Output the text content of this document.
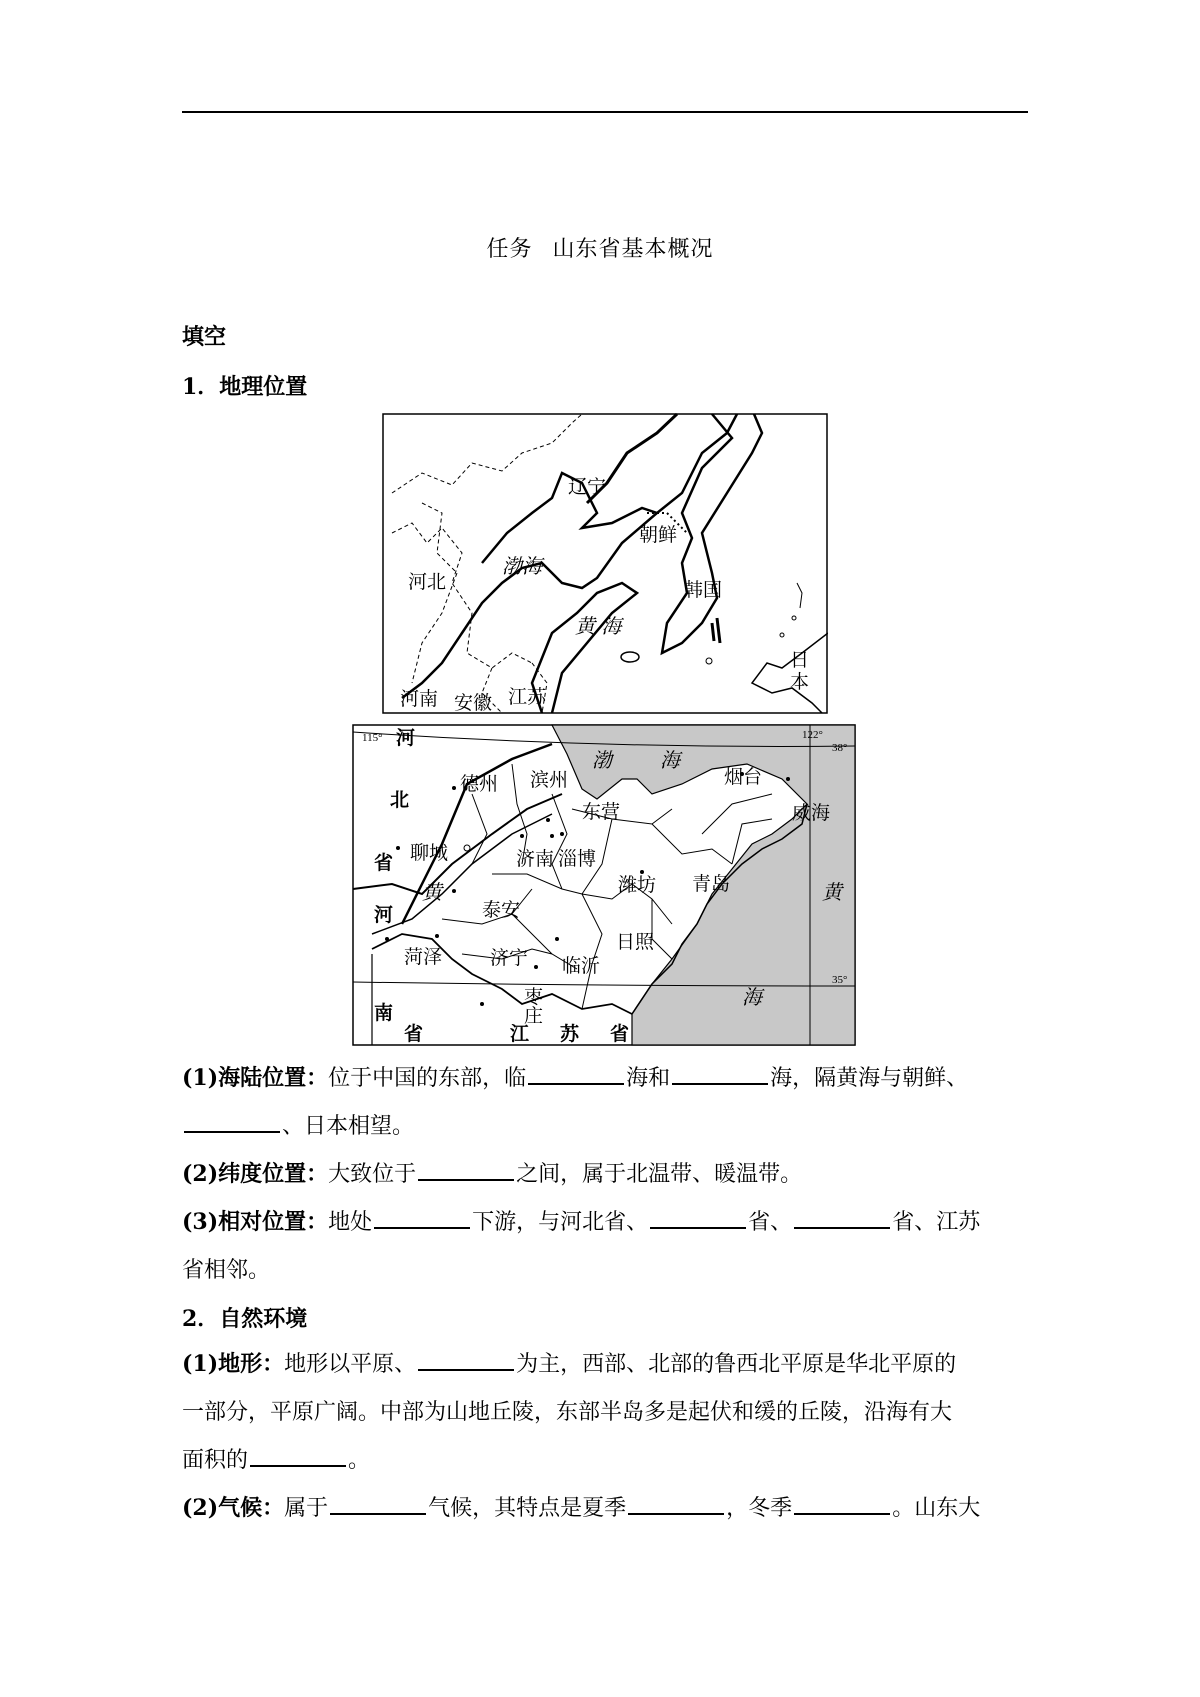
任务 山东省基本概况
填空
1．地理位置
辽宁
渤海
河北
朝鲜
韩国
黄 海
日
本
河南 安徽 江苏
115°	122°
38°
35°
河
北
省
河
渤 海
德州 滨州
东营
烟台
威海
聊城	济南 淄博
潍坊 青岛
黄
泰安
菏泽	济宁 临沂
日照
黄
海
枣
庄
南
省	江 苏 省
(1)海陆位置：位于中国的东部，临	海和	海，隔黄海与朝鲜、
、日本相望。
(2)纬度位置：大致位于	之间，属于北温带、暖温带。
(3)相对位置：地处	下游，与河北省、	省、	省、江苏
省相邻。
2．自然环境
(1)地形：地形以平原、	为主，西部、北部的鲁西北平原是华北平原的
一部分，平原广阔。中部为山地丘陵，东部半岛多是起伏和缓的丘陵，沿海有大
面积的	。
(2)气候：属于	气候，其特点是夏季	，冬季	。山东大
